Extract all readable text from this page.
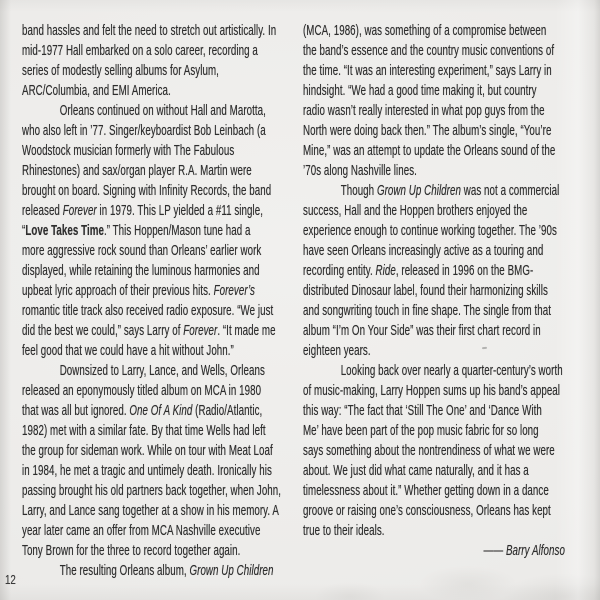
band hassles and felt the need to stretch out artistically. In
mid-1977 Hall embarked on a solo career, recording a
series of modestly selling albums for Asylum,
ARC/Columbia, and EMI America.
Orleans continued on without Hall and Marotta,
who also left in ’77. Singer/keyboardist Bob Leinbach (a
Woodstock musician formerly with The Fabulous
Rhinestones) and sax/organ player R.A. Martin were
brought on board. Signing with Infinity Records, the band
released Forever in 1979. This LP yielded a #11 single,
“Love Takes Time.” This Hoppen/Mason tune had a
more aggressive rock sound than Orleans’ earlier work
displayed, while retaining the luminous harmonies and
upbeat lyric approach of their previous hits. Forever’s
romantic title track also received radio exposure. “We just
did the best we could,” says Larry of Forever. “It made me
feel good that we could have a hit without John.”
Downsized to Larry, Lance, and Wells, Orleans
released an eponymously titled album on MCA in 1980
that was all but ignored. One Of A Kind (Radio/Atlantic,
1982) met with a similar fate. By that time Wells had left
the group for sideman work. While on tour with Meat Loaf
in 1984, he met a tragic and untimely death. Ironically his
passing brought his old partners back together, when John,
Larry, and Lance sang together at a show in his memory. A
year later came an offer from MCA Nashville executive
Tony Brown for the three to record together again.
The resulting Orleans album, Grown Up Children
(MCA, 1986), was something of a compromise between
the band’s essence and the country music conventions of
the time. “It was an interesting experiment,” says Larry in
hindsight. “We had a good time making it, but country
radio wasn’t really interested in what pop guys from the
North were doing back then.” The album’s single, “You’re
Mine,” was an attempt to update the Orleans sound of the
’70s along Nashville lines.
Though Grown Up Children was not a commercial
success, Hall and the Hoppen brothers enjoyed the
experience enough to continue working together. The ’90s
have seen Orleans increasingly active as a touring and
recording entity. Ride, released in 1996 on the BMG-
distributed Dinosaur label, found their harmonizing skills
and songwriting touch in fine shape. The single from that
album “I’m On Your Side” was their first chart record in
eighteen years.
Looking back over nearly a quarter-century’s worth
of music-making, Larry Hoppen sums up his band’s appeal
this way: “The fact that ‘Still The One’ and ‘Dance With
Me’ have been part of the pop music fabric for so long
says something about the nontrendiness of what we were
about. We just did what came naturally, and it has a
timelessness about it.” Whether getting down in a dance
groove or raising one’s consciousness, Orleans has kept
true to their ideals.
—— Barry Alfonso
12
